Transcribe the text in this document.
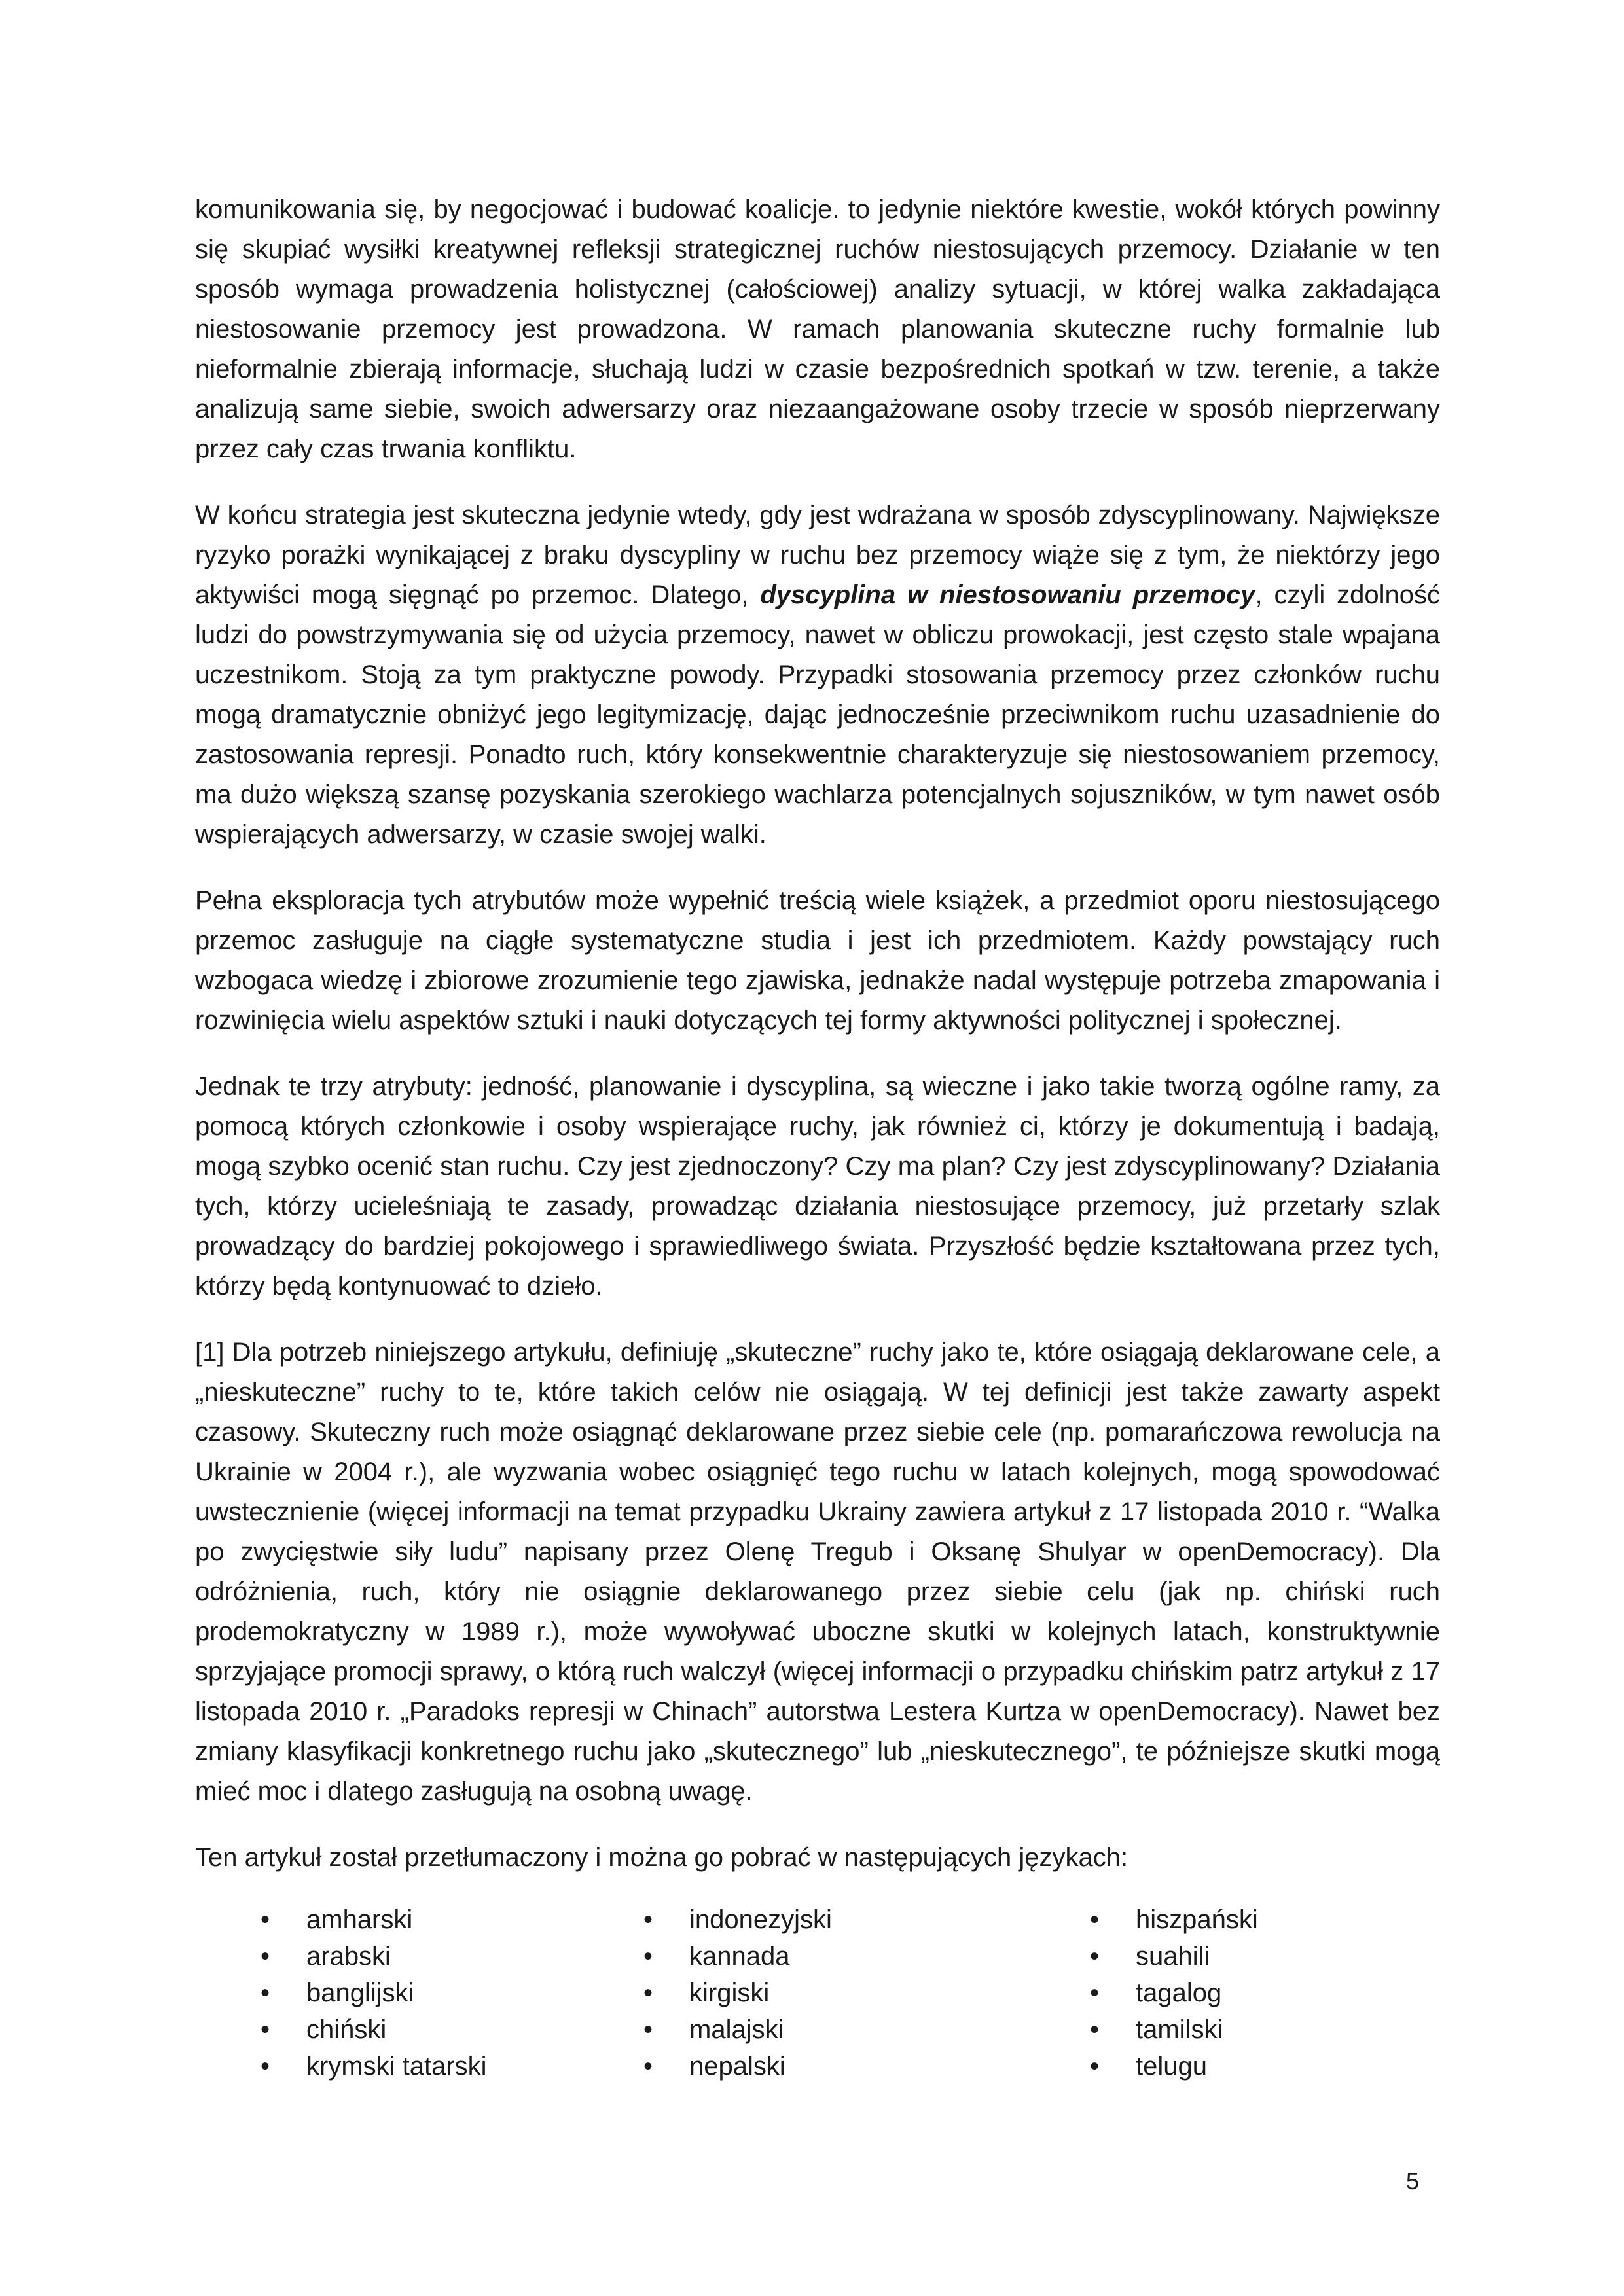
komunikowania się, by negocjować i budować koalicje. to jedynie niektóre kwestie, wokół których powinny się skupiać wysiłki kreatywnej refleksji strategicznej ruchów niestosujących przemocy. Działanie w ten sposób wymaga prowadzenia holistycznej (całościowej) analizy sytuacji, w której walka zakładająca niestosowanie przemocy jest prowadzona. W ramach planowania skuteczne ruchy formalnie lub nieformalnie zbierają informacje, słuchają ludzi w czasie bezpośrednich spotkań w tzw. terenie, a także analizują same siebie, swoich adwersarzy oraz niezaangażowane osoby trzecie w sposób nieprzerwany przez cały czas trwania konfliktu.

W końcu strategia jest skuteczna jedynie wtedy, gdy jest wdrażana w sposób zdyscyplinowany. Największe ryzyko porażki wynikającej z braku dyscypliny w ruchu bez przemocy wiąże się z tym, że niektórzy jego aktywiści mogą sięgnąć po przemoc. Dlatego, dyscyplina w niestosowaniu przemocy, czyli zdolność ludzi do powstrzymywania się od użycia przemocy, nawet w obliczu prowokacji, jest często stale wpajana uczestnikom. Stoją za tym praktyczne powody. Przypadki stosowania przemocy przez członków ruchu mogą dramatycznie obniżyć jego legitymizację, dając jednocześnie przeciwnikom ruchu uzasadnienie do zastosowania represji. Ponadto ruch, który konsekwentnie charakteryzuje się niestosowaniem przemocy, ma dużo większą szansę pozyskania szerokiego wachlarza potencjalnych sojuszników, w tym nawet osób wspierających adwersarzy, w czasie swojej walki.

Pełna eksploracja tych atrybutów może wypełnić treścią wiele książek, a przedmiot oporu niestosującego przemoc zasługuje na ciągłe systematyczne studia i jest ich przedmiotem. Każdy powstający ruch wzbogaca wiedzę i zbiorowe zrozumienie tego zjawiska, jednakże nadal występuje potrzeba zmapowania i rozwinięcia wielu aspektów sztuki i nauki dotyczących tej formy aktywności politycznej i społecznej.

Jednak te trzy atrybuty: jedność, planowanie i dyscyplina, są wieczne i jako takie tworzą ogólne ramy, za pomocą których członkowie i osoby wspierające ruchy, jak również ci, którzy je dokumentują i badają, mogą szybko ocenić stan ruchu. Czy jest zjednoczony? Czy ma plan? Czy jest zdyscyplinowany? Działania tych, którzy ucieleśniają te zasady, prowadząc działania niestosujące przemocy, już przetarły szlak prowadzący do bardziej pokojowego i sprawiedliwego świata. Przyszłość będzie kształtowana przez tych, którzy będą kontynuować to dzieło.

[1] Dla potrzeb niniejszego artykułu, definiuję „skuteczne” ruchy jako te, które osiągają deklarowane cele, a „nieskuteczne” ruchy to te, które takich celów nie osiągają. W tej definicji jest także zawarty aspekt czasowy. Skuteczny ruch może osiągnąć deklarowane przez siebie cele (np. pomarańczowa rewolucja na Ukrainie w 2004 r.), ale wyzwania wobec osiągnięć tego ruchu w latach kolejnych, mogą spowodować uwstecznienie (więcej informacji na temat przypadku Ukrainy zawiera artykuł z 17 listopada 2010 r. “Walka po zwycięstwie siły ludu” napisany przez Olenę Tregub i Oksanę Shulyar w openDemocracy). Dla odróżnienia, ruch, który nie osiągnie deklarowanego przez siebie celu (jak np. chiński ruch prodemokratyczny w 1989 r.), może wywoływać uboczne skutki w kolejnych latach, konstruktywnie sprzyjające promocji sprawy, o którą ruch walczył (więcej informacji o przypadku chińskim patrz artykuł z 17 listopada 2010 r. „Paradoks represji w Chinach” autorstwa Lestera Kurtza w openDemocracy). Nawet bez zmiany klasyfikacji konkretnego ruchu jako „skutecznego” lub „nieskutecznego”, te późniejsze skutki mogą mieć moc i dlatego zasługują na osobną uwagę.

Ten artykuł został przetłumaczony i można go pobrać w następujących językach:

• amharski
• arabski
• banglijski
• chiński
• krymski tatarski
• indonezyjski
• kannada
• kirgiski
• malajski
• nepalski
• hiszpański
• suahili
• tagalog
• tamilski
• telugu
5
